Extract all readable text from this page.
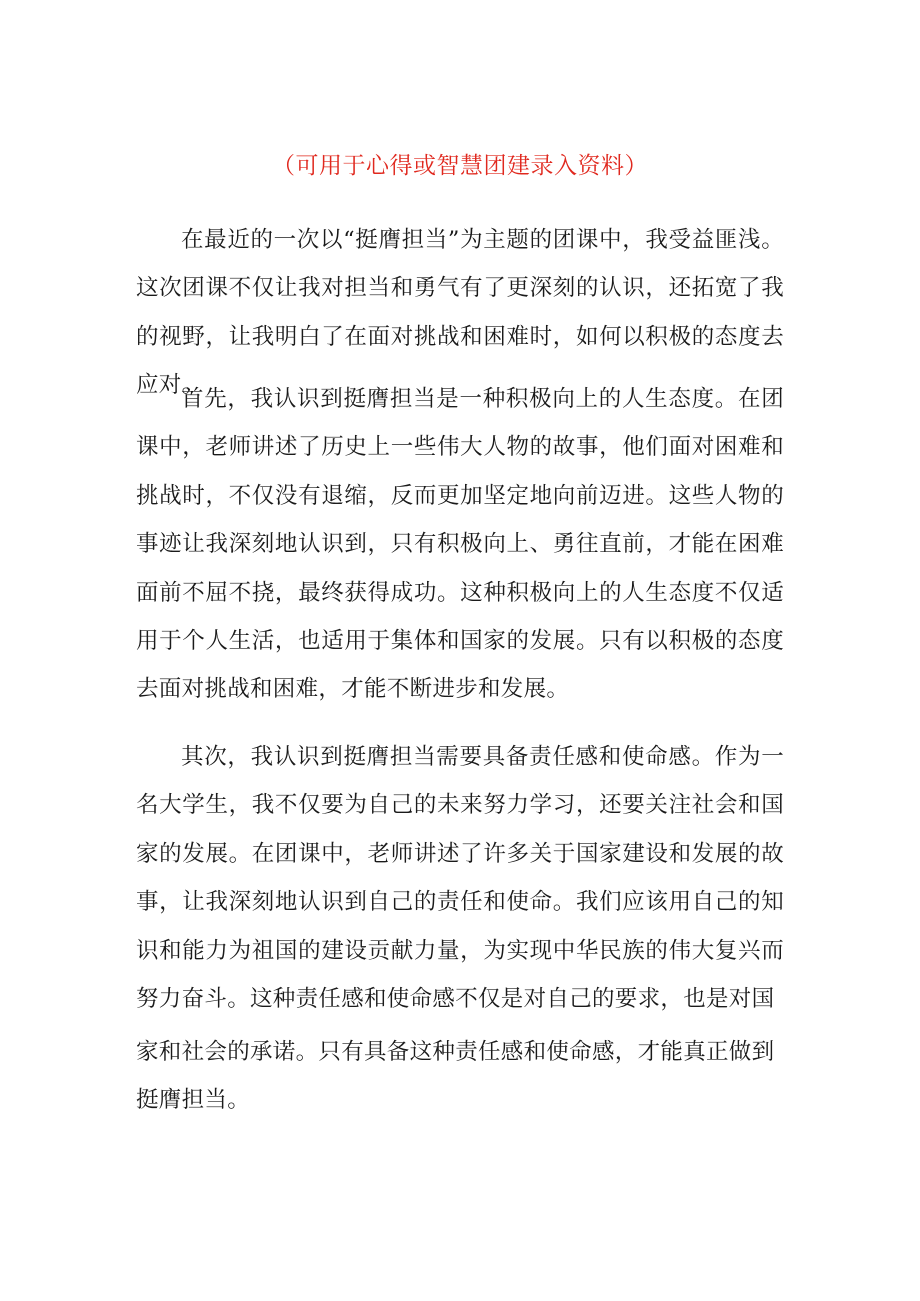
（可用于心得或智慧团建录入资料）

在最近的一次以“挺膺担当”为主题的团课中，我受益匪浅。这次团课不仅让我对担当和勇气有了更深刻的认识，还拓宽了我的视野，让我明白了在面对挑战和困难时，如何以积极的态度去应对。

首先，我认识到挺膺担当是一种积极向上的人生态度。在团课中，老师讲述了历史上一些伟大人物的故事，他们面对困难和挑战时，不仅没有退缩，反而更加坚定地向前迈进。这些人物的事迹让我深刻地认识到，只有积极向上、勇往直前，才能在困难面前不屈不挠，最终获得成功。这种积极向上的人生态度不仅适用于个人生活，也适用于集体和国家的发展。只有以积极的态度去面对挑战和困难，才能不断进步和发展。

其次，我认识到挺膺担当需要具备责任感和使命感。作为一名大学生，我不仅要为自己的未来努力学习，还要关注社会和国家的发展。在团课中，老师讲述了许多关于国家建设和发展的故事，让我深刻地认识到自己的责任和使命。我们应该用自己的知识和能力为祖国的建设贡献力量，为实现中华民族的伟大复兴而努力奋斗。这种责任感和使命感不仅是对自己的要求，也是对国

家和社会的承诺。只有具备这种责任感和使命感，才能真正做到
挺膺担当。
